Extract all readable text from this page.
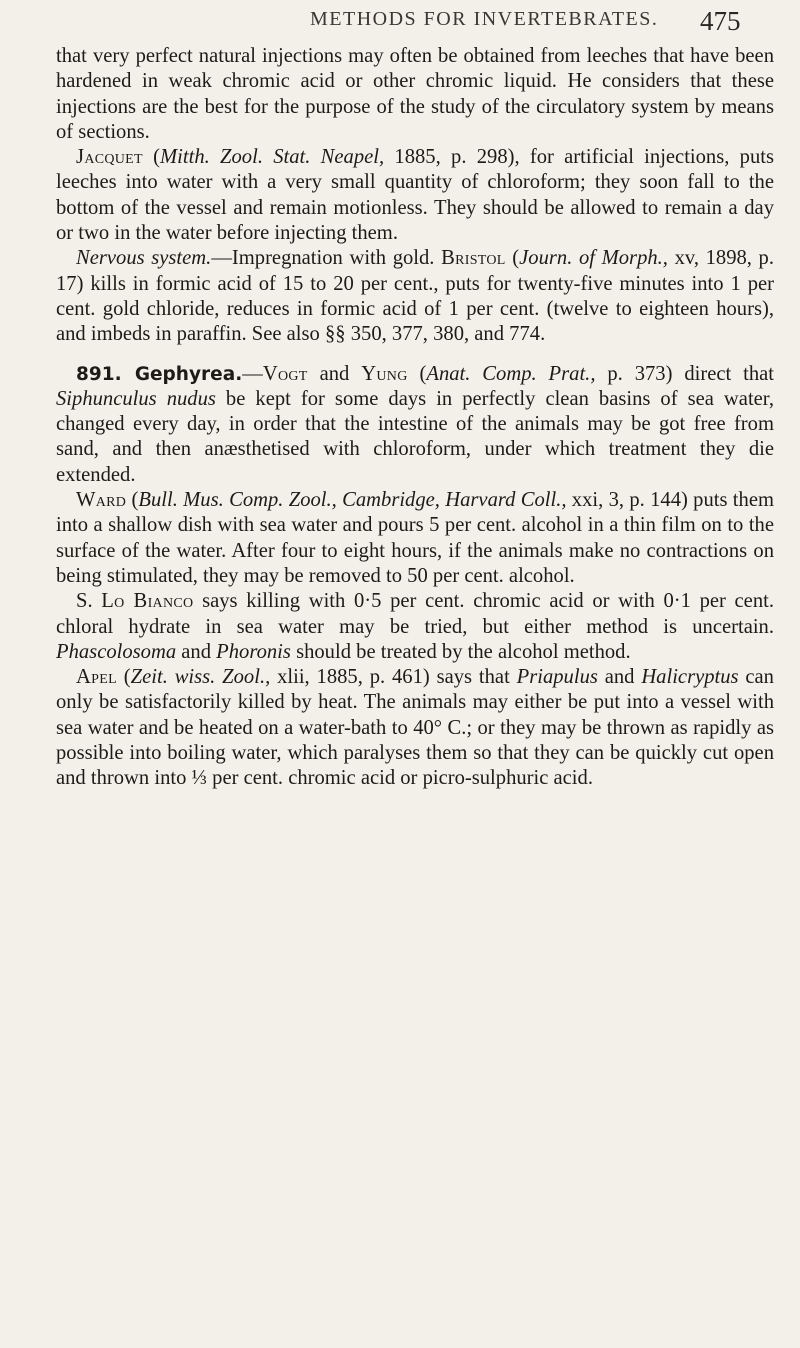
METHODS FOR INVERTEBRATES. 475

that very perfect natural injections may often be obtained from leeches that have been hardened in weak chromic acid or other chromic liquid. He considers that these injections are the best for the purpose of the study of the circulatory system by means of sections.

Jacquet (Mitth. Zool. Stat. Neapel, 1885, p. 298), for artificial injections, puts leeches into water with a very small quantity of chloroform; they soon fall to the bottom of the vessel and remain motionless. They should be allowed to remain a day or two in the water before injecting them.

Nervous system.—Impregnation with gold. Bristol (Journ. of Morph., xv, 1898, p. 17) kills in formic acid of 15 to 20 per cent., puts for twenty-five minutes into 1 per cent. gold chloride, reduces in formic acid of 1 per cent. (twelve to eighteen hours), and imbeds in paraffin. See also §§ 350, 377, 380, and 774.

891. Gephyrea.—Vogt and Yung (Anat. Comp. Prat., p. 373) direct that Siphunculus nudus be kept for some days in perfectly clean basins of sea water, changed every day, in order that the intestine of the animals may be got free from sand, and then anæsthetised with chloroform, under which treatment they die extended.

Ward (Bull. Mus. Comp. Zool., Cambridge, Harvard Coll., xxi, 3, p. 144) puts them into a shallow dish with sea water and pours 5 per cent. alcohol in a thin film on to the surface of the water. After four to eight hours, if the animals make no contractions on being stimulated, they may be removed to 50 per cent. alcohol.

S. Lo Bianco says killing with 0·5 per cent. chromic acid or with 0·1 per cent. chloral hydrate in sea water may be tried, but either method is uncertain. Phascolosoma and Phoronis should be treated by the alcohol method.

Apel (Zeit. wiss. Zool., xlii, 1885, p. 461) says that Priapulus and Halicryptus can only be satisfactorily killed by heat. The animals may either be put into a vessel with sea water and be heated on a water-bath to 40° C.; or they may be thrown as rapidly as possible into boiling water, which paralyses them so that they can be quickly cut open and thrown into ⅓ per cent. chromic acid or picro-sulphuric acid.
